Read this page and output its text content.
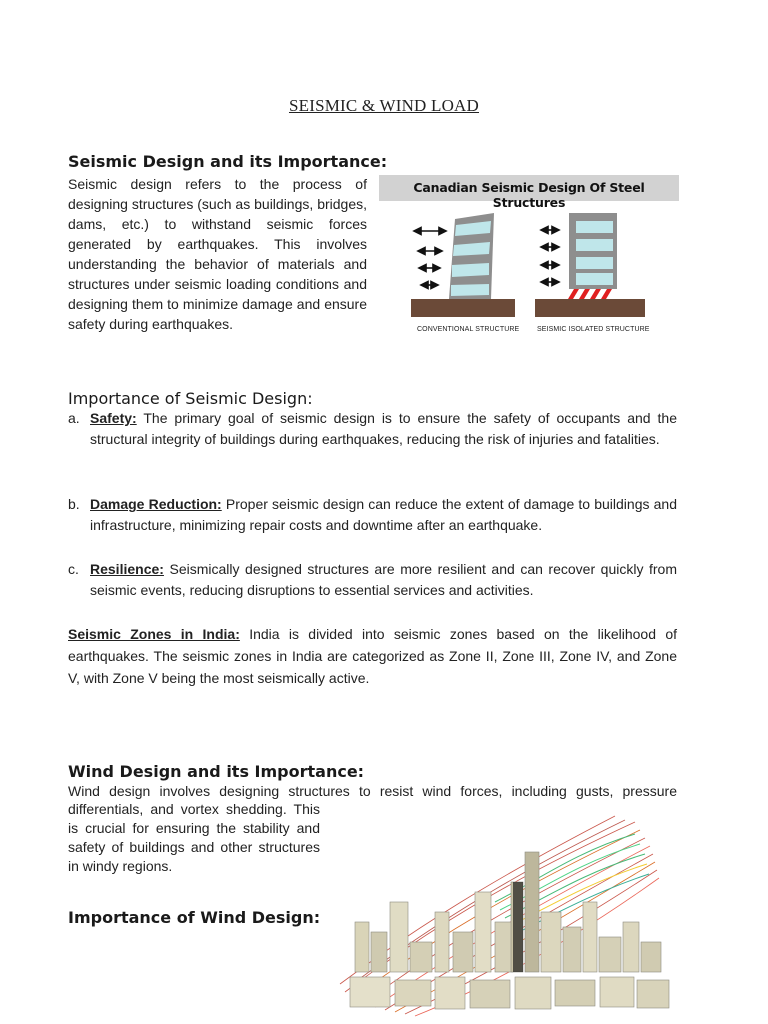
SEISMIC & WIND LOAD
Seismic Design and its Importance:
Seismic design refers to the process of designing structures (such as buildings, bridges, dams, etc.) to withstand seismic forces generated by earthquakes. This involves understanding the behavior of materials and structures under seismic loading conditions and designing them to minimize damage and ensure safety during earthquakes.
Canadian Seismic Design Of Steel Structures
CONVENTIONAL STRUCTURE	SEISMIC ISOLATED STRUCTURE
Importance of Seismic Design:
a. Safety: The primary goal of seismic design is to ensure the safety of occupants and the structural integrity of buildings during earthquakes, reducing the risk of injuries and fatalities.
b. Damage Reduction: Proper seismic design can reduce the extent of damage to buildings and infrastructure, minimizing repair costs and downtime after an earthquake.
c. Resilience: Seismically designed structures are more resilient and can recover quickly from seismic events, reducing disruptions to essential services and activities.
Seismic Zones in India: India is divided into seismic zones based on the likelihood of earthquakes. The seismic zones in India are categorized as Zone II, Zone III, Zone IV, and Zone V, with Zone V being the most seismically active.
Wind Design and its Importance:
Wind design involves designing structures to resist wind forces, including gusts, pressure
differentials, and vortex shedding. This is crucial for ensuring the stability and safety of buildings and other structures in windy regions.
Importance of Wind Design:
